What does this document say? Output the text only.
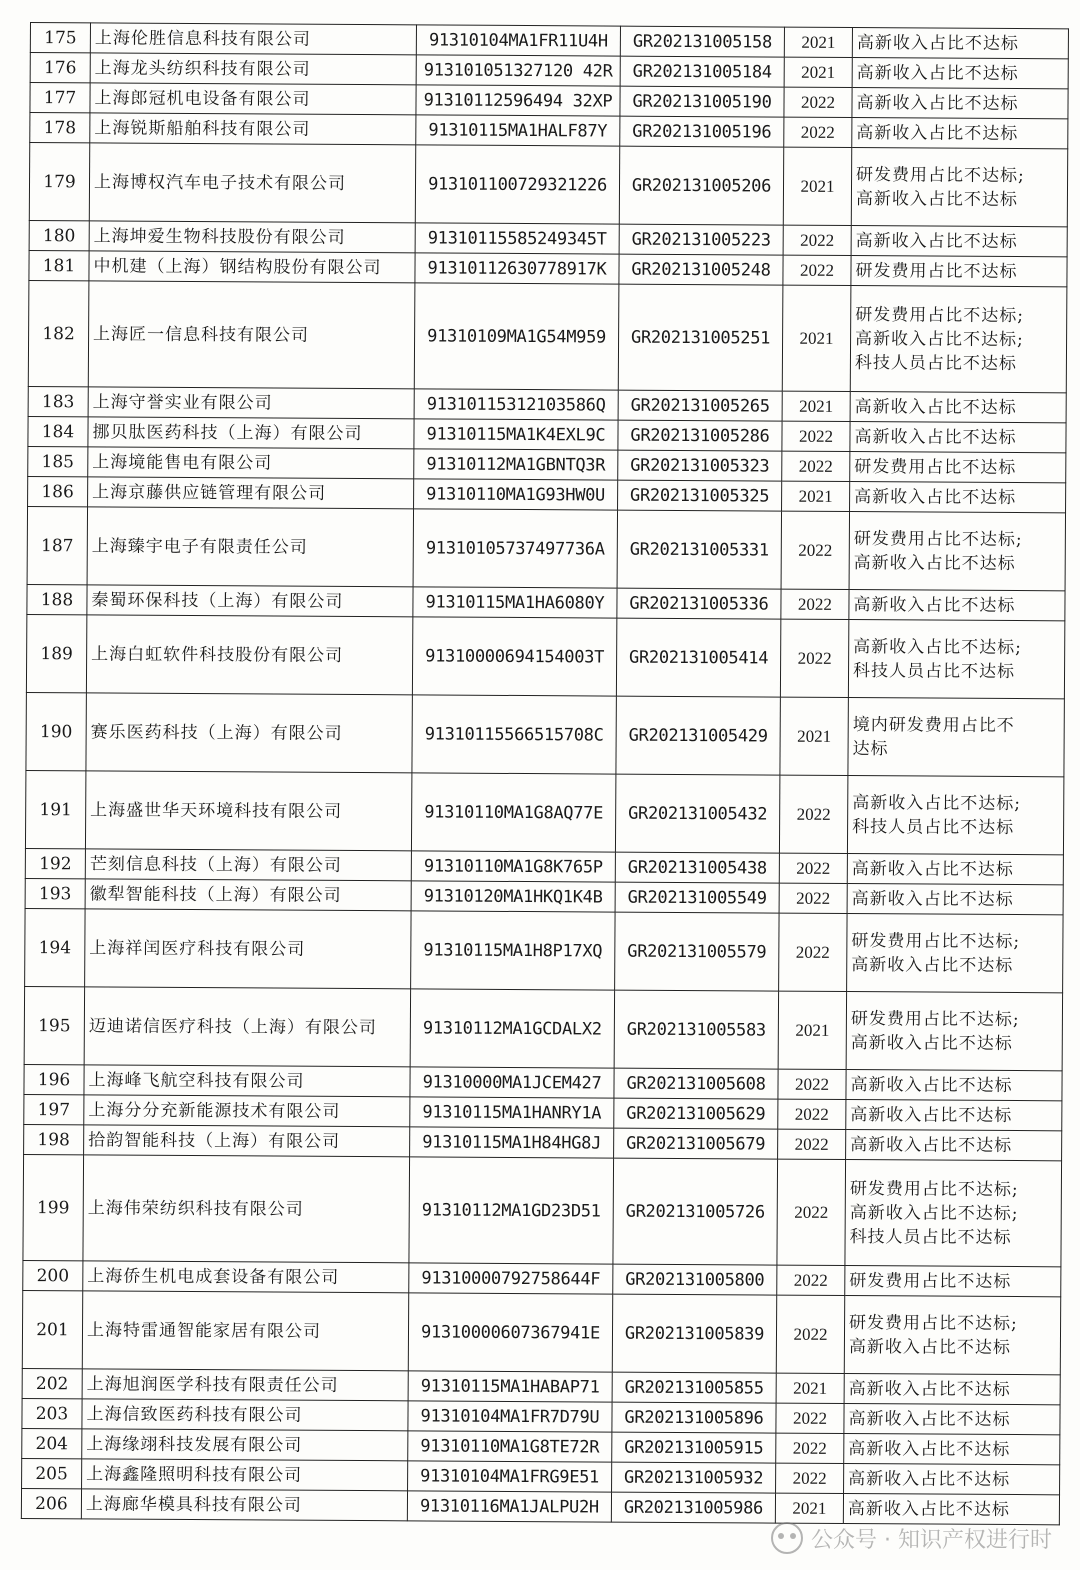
175	上海伦胜信息科技有限公司	91310104MA1FR11U4H	GR202131005158	2021	高新收入占比不达标

176	上海龙头纺织科技有限公司	913101051327120 42R	GR202131005184	2021	高新收入占比不达标

177	上海郎冠机电设备有限公司	91310112596494 32XP	GR202131005190	2022	高新收入占比不达标

178	上海锐斯船舶科技有限公司	91310115MA1HALF87Y	GR202131005196	2022	高新收入占比不达标

179	上海博权汽车电子技术有限公司	913101100729321226	GR202131005206	2021	研发费用占比不达标;
高新收入占比不达标

180	上海坤爱生物科技股份有限公司	91310115585249345T	GR202131005223	2022	高新收入占比不达标

181	中机建（上海）钢结构股份有限公司	91310112630778917K	GR202131005248	2022	研发费用占比不达标

182	上海匠一信息科技有限公司	91310109MA1G54M959	GR202131005251	2021	研发费用占比不达标;
高新收入占比不达标;
科技人员占比不达标

183	上海守誉实业有限公司	91310115312103586Q	GR202131005265	2021	高新收入占比不达标

184	挪贝肽医药科技（上海）有限公司	91310115MA1K4EXL9C	GR202131005286	2022	高新收入占比不达标

185	上海境能售电有限公司	91310112MA1GBNTQ3R	GR202131005323	2022	研发费用占比不达标

186	上海京藤供应链管理有限公司	91310110MA1G93HW0U	GR202131005325	2021	高新收入占比不达标

187	上海臻宇电子有限责任公司	91310105737497736A	GR202131005331	2022	研发费用占比不达标;
高新收入占比不达标

188	秦蜀环保科技（上海）有限公司	91310115MA1HA6080Y	GR202131005336	2022	高新收入占比不达标

189	上海白虹软件科技股份有限公司	91310000694154003T	GR202131005414	2022	高新收入占比不达标;
科技人员占比不达标

190	赛乐医药科技（上海）有限公司	91310115566515708C	GR202131005429	2021	境内研发费用占比不
达标

191	上海盛世华天环境科技有限公司	91310110MA1G8AQ77E	GR202131005432	2022	高新收入占比不达标;
科技人员占比不达标

192	芒刻信息科技（上海）有限公司	91310110MA1G8K765P	GR202131005438	2022	高新收入占比不达标

193	徽犁智能科技（上海）有限公司	91310120MA1HKQ1K4B	GR202131005549	2022	高新收入占比不达标

194	上海祥闰医疗科技有限公司	91310115MA1H8P17XQ	GR202131005579	2022	研发费用占比不达标;
高新收入占比不达标

195	迈迪诺信医疗科技（上海）有限公司	91310112MA1GCDALX2	GR202131005583	2021	研发费用占比不达标;
高新收入占比不达标

196	上海峰飞航空科技有限公司	91310000MA1JCEM427	GR202131005608	2022	高新收入占比不达标

197	上海分分充新能源技术有限公司	91310115MA1HANRY1A	GR202131005629	2022	高新收入占比不达标

198	拾韵智能科技（上海）有限公司	91310115MA1H84HG8J	GR202131005679	2022	高新收入占比不达标

199	上海伟荣纺织科技有限公司	91310112MA1GD23D51	GR202131005726	2022	研发费用占比不达标;
高新收入占比不达标;
科技人员占比不达标

200	上海侨生机电成套设备有限公司	91310000792758644F	GR202131005800	2022	研发费用占比不达标

201	上海特雷通智能家居有限公司	91310000607367941E	GR202131005839	2022	研发费用占比不达标;
高新收入占比不达标

202	上海旭润医学科技有限责任公司	91310115MA1HABAP71	GR202131005855	2021	高新收入占比不达标

203	上海信致医药科技有限公司	91310104MA1FR7D79U	GR202131005896	2022	高新收入占比不达标

204	上海缘翊科技发展有限公司	91310110MA1G8TE72R	GR202131005915	2022	高新收入占比不达标

205	上海鑫隆照明科技有限公司	91310104MA1FRG9E51	GR202131005932	2022	高新收入占比不达标

206	上海廊华模具科技有限公司	91310116MA1JALPU2H	GR202131005986	2021	高新收入占比不达标
公众号 · 知识产权进行时
